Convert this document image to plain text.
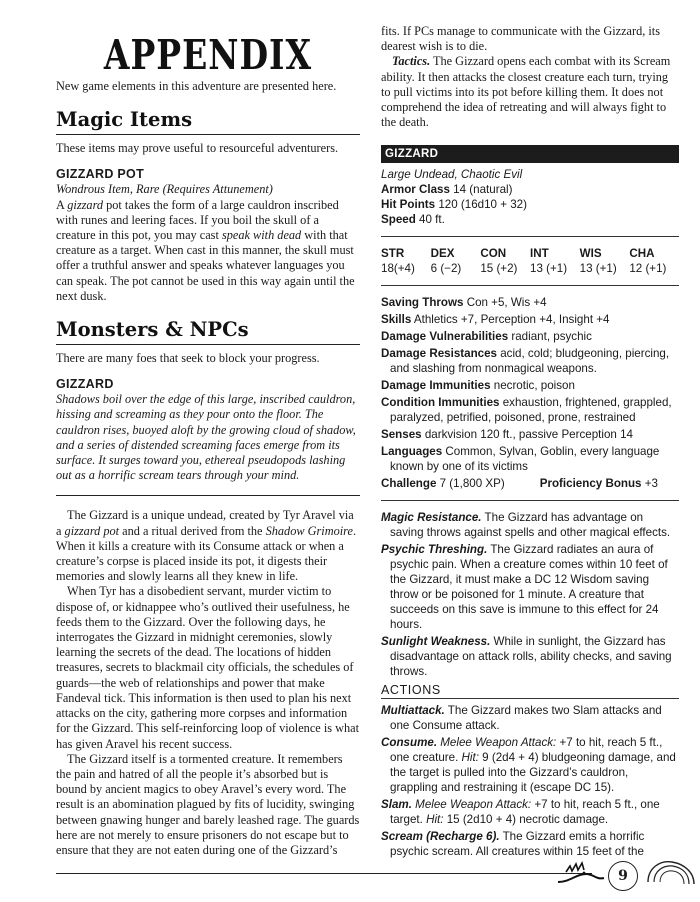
APPENDIX

New game elements in this adventure are presented here.

Magic Items

These items may prove useful to resourceful adventurers.

GIZZARD POT

Wondrous Item, Rare (Requires Attunement)

A gizzard pot takes the form of a large cauldron inscribed with runes and leering faces. If you boil the skull of a creature in this pot, you may cast speak with dead with that creature as a target. When cast in this manner, the skull must offer a truthful answer and speaks whatever languages you can speak. The pot cannot be used in this way again until the next dusk.

Monsters & NPCs

There are many foes that seek to block your progress.

GIZZARD

Shadows boil over the edge of this large, inscribed cauldron, hissing and screaming as they pour onto the floor. The cauldron rises, buoyed aloft by the growing cloud of shadow, and a series of distended screaming faces emerge from its surface. It surges toward you, ethereal pseudopods lashing out as a horrific scream tears through your mind.

The Gizzard is a unique undead, created by Tyr Aravel via a gizzard pot and a ritual derived from the Shadow Grimoire. When it kills a creature with its Consume attack or when a creature’s corpse is placed inside its pot, it digests their memories and slowly learns all they knew in life.

When Tyr has a disobedient servant, murder victim to dispose of, or kidnappee who’s outlived their usefulness, he feeds them to the Gizzard. Over the following days, he interrogates the Gizzard in midnight ceremonies, slowly learning the secrets of the dead. The locations of hidden treasures, secrets to blackmail city officials, the schedules of guards—the web of relationships and power that make Fandeval tick. This information is then used to plan his next attacks on the city, gathering more corpses and information for the Gizzard. This self-reinforcing loop of violence is what has given Aravel his recent success.

The Gizzard itself is a tormented creature. It remembers the pain and hatred of all the people it’s absorbed but is bound by ancient magics to obey Aravel’s every word. The result is an abomination plagued by fits of lucidity, swinging between gnawing hunger and barely leashed rage. The guards here are not merely to ensure prisoners do not escape but to ensure that they are not eaten during one of the Gizzard’s

fits. If PCs manage to communicate with the Gizzard, its dearest wish is to die.

Tactics. The Gizzard opens each combat with its Scream ability. It then attacks the closest creature each turn, trying to pull victims into its pot before killing them. It does not comprehend the idea of retreating and will always fight to the death.

GIZZARD

Large Undead, Chaotic Evil

Armor Class 14 (natural)

Hit Points 120 (16d10 + 32)

Speed 40 ft.

STR	DEX	CON	INT	WIS	CHA
18(+4)	6 (−2)	15 (+2)	13 (+1)	13 (+1)	12 (+1)

Saving Throws Con +5, Wis +4

Skills Athletics +7, Perception +4, Insight +4

Damage Vulnerabilities radiant, psychic

Damage Resistances acid, cold; bludgeoning, piercing, and slashing from nonmagical weapons.

Damage Immunities necrotic, poison

Condition Immunities exhaustion, frightened, grappled, paralyzed, petrified, poisoned, prone, restrained

Senses darkvision 120 ft., passive Perception 14

Languages Common, Sylvan, Goblin, every language known by one of its victims

Challenge 7 (1,800 XP)	Proficiency Bonus +3

Magic Resistance. The Gizzard has advantage on saving throws against spells and other magical effects.

Psychic Threshing. The Gizzard radiates an aura of psychic pain. When a creature comes within 10 feet of the Gizzard, it must make a DC 12 Wisdom saving throw or be poisoned for 1 minute. A creature that succeeds on this save is immune to this effect for 24 hours.

Sunlight Weakness. While in sunlight, the Gizzard has disadvantage on attack rolls, ability checks, and saving throws.

ACTIONS

Multiattack. The Gizzard makes two Slam attacks and one Consume attack.

Consume. Melee Weapon Attack: +7 to hit, reach 5 ft., one creature. Hit: 9 (2d4 + 4) bludgeoning damage, and the target is pulled into the Gizzard’s cauldron, grappling and restraining it (escape DC 15).

Slam. Melee Weapon Attack: +7 to hit, reach 5 ft., one target. Hit: 15 (2d10 + 4) necrotic damage.

Scream (Recharge 6). The Gizzard emits a horrific psychic scream. All creatures within 15 feet of the

9
